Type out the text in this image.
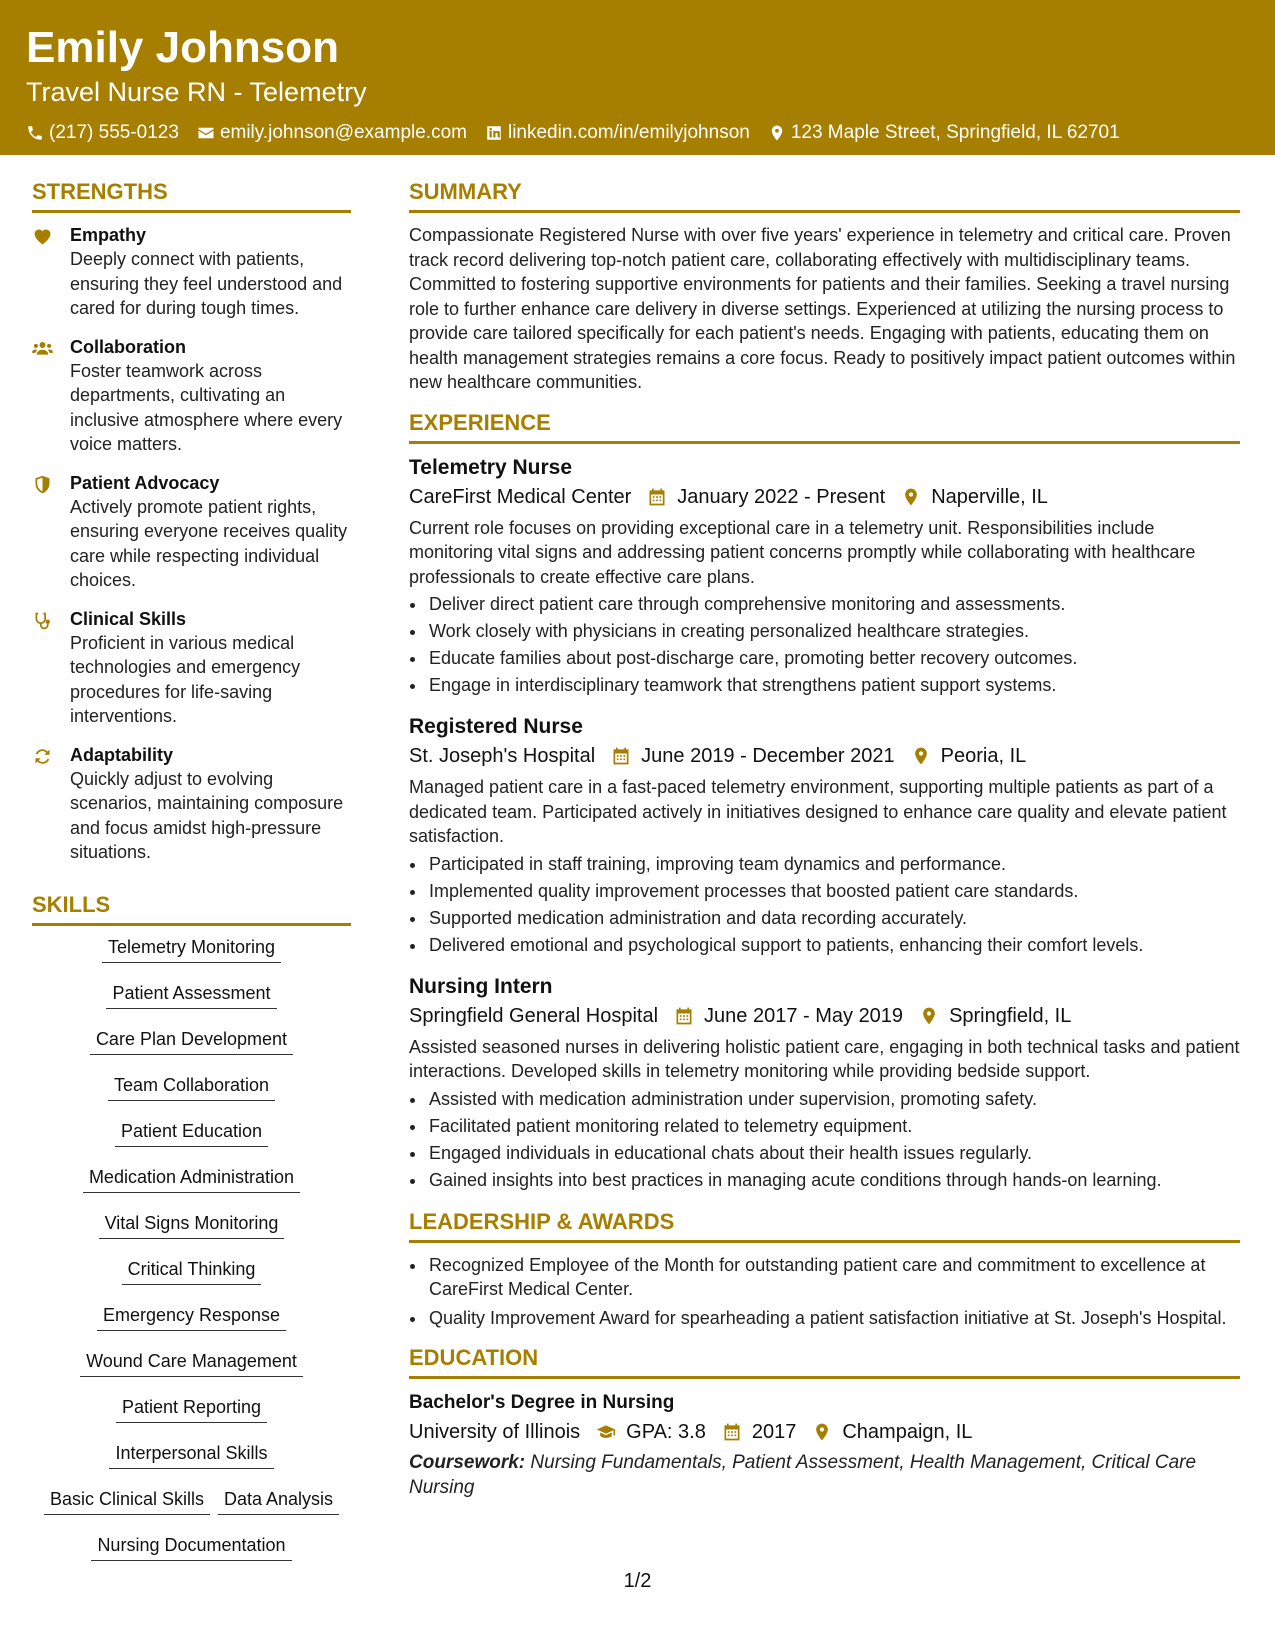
Emily Johnson
Travel Nurse RN - Telemetry
(217) 555-0123 emily.johnson@example.com linkedin.com/in/emilyjohnson 123 Maple Street, Springfield, IL 62701
STRENGTHS
Empathy
Deeply connect with patients, ensuring they feel understood and cared for during tough times.
Collaboration
Foster teamwork across departments, cultivating an inclusive atmosphere where every voice matters.
Patient Advocacy
Actively promote patient rights, ensuring everyone receives quality care while respecting individual choices.
Clinical Skills
Proficient in various medical technologies and emergency procedures for life-saving interventions.
Adaptability
Quickly adjust to evolving scenarios, maintaining composure and focus amidst high-pressure situations.
SKILLS
Telemetry Monitoring
Patient Assessment
Care Plan Development
Team Collaboration
Patient Education
Medication Administration
Vital Signs Monitoring
Critical Thinking
Emergency Response
Wound Care Management
Patient Reporting
Interpersonal Skills
Basic Clinical Skills	Data Analysis
Nursing Documentation
SUMMARY
Compassionate Registered Nurse with over five years' experience in telemetry and critical care. Proven track record delivering top-notch patient care, collaborating effectively with multidisciplinary teams. Committed to fostering supportive environments for patients and their families. Seeking a travel nursing role to further enhance care delivery in diverse settings. Experienced at utilizing the nursing process to provide care tailored specifically for each patient's needs. Engaging with patients, educating them on health management strategies remains a core focus. Ready to positively impact patient outcomes within new healthcare communities.
EXPERIENCE
Telemetry Nurse
CareFirst Medical Center January 2022 - Present Naperville, IL
Current role focuses on providing exceptional care in a telemetry unit. Responsibilities include monitoring vital signs and addressing patient concerns promptly while collaborating with healthcare professionals to create effective care plans.
• Deliver direct patient care through comprehensive monitoring and assessments.
• Work closely with physicians in creating personalized healthcare strategies.
• Educate families about post-discharge care, promoting better recovery outcomes.
• Engage in interdisciplinary teamwork that strengthens patient support systems.
Registered Nurse
St. Joseph's Hospital June 2019 - December 2021 Peoria, IL
Managed patient care in a fast-paced telemetry environment, supporting multiple patients as part of a dedicated team. Participated actively in initiatives designed to enhance care quality and elevate patient satisfaction.
• Participated in staff training, improving team dynamics and performance.
• Implemented quality improvement processes that boosted patient care standards.
• Supported medication administration and data recording accurately.
• Delivered emotional and psychological support to patients, enhancing their comfort levels.
Nursing Intern
Springfield General Hospital June 2017 - May 2019 Springfield, IL
Assisted seasoned nurses in delivering holistic patient care, engaging in both technical tasks and patient interactions. Developed skills in telemetry monitoring while providing bedside support.
• Assisted with medication administration under supervision, promoting safety.
• Facilitated patient monitoring related to telemetry equipment.
• Engaged individuals in educational chats about their health issues regularly.
• Gained insights into best practices in managing acute conditions through hands-on learning.
LEADERSHIP & AWARDS
• Recognized Employee of the Month for outstanding patient care and commitment to excellence at CareFirst Medical Center.
• Quality Improvement Award for spearheading a patient satisfaction initiative at St. Joseph's Hospital.
EDUCATION
Bachelor's Degree in Nursing
University of Illinois GPA: 3.8 2017 Champaign, IL
Coursework: Nursing Fundamentals, Patient Assessment, Health Management, Critical Care Nursing
1/2
